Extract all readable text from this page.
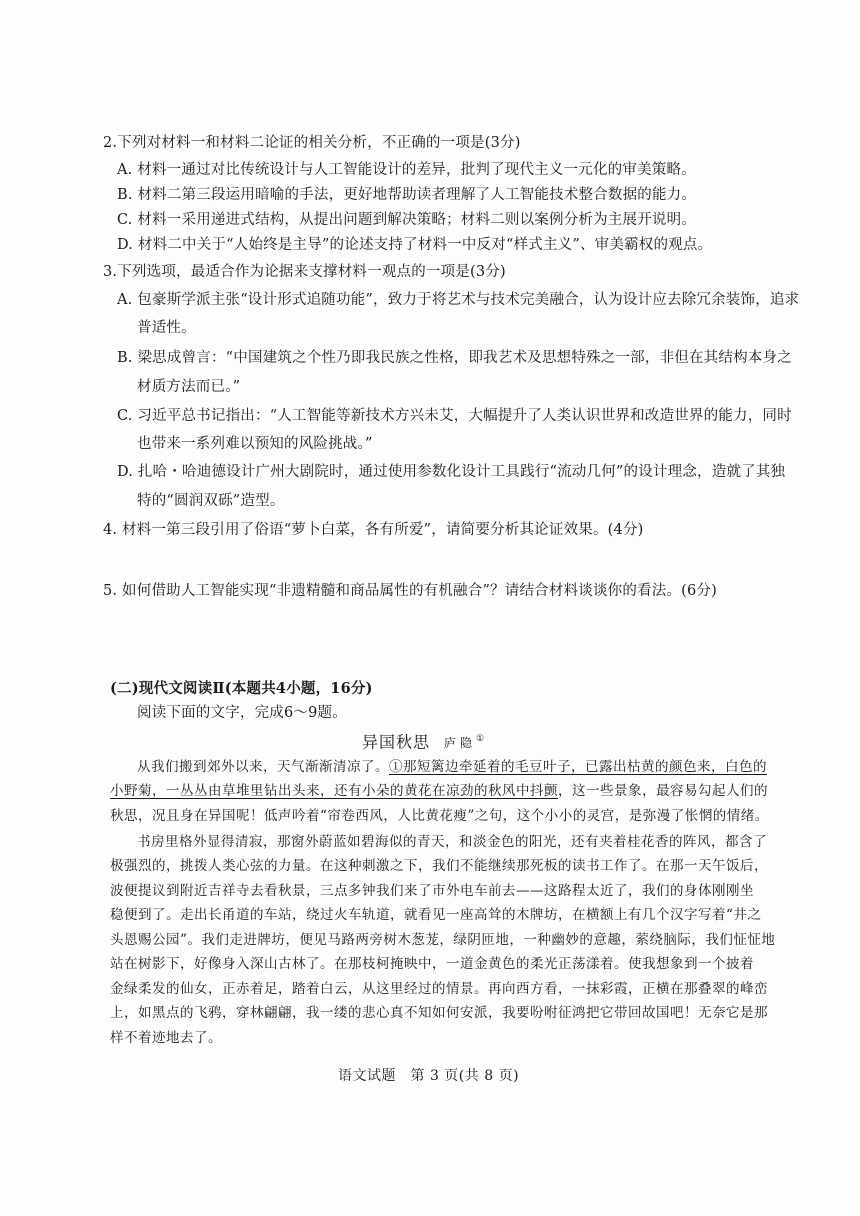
2.下列对材料一和材料二论证的相关分析，不正确的一项是(3分)
A. 材料一通过对比传统设计与人工智能设计的差异，批判了现代主义一元化的审美策略。
B. 材料二第三段运用暗喻的手法，更好地帮助读者理解了人工智能技术整合数据的能力。
C. 材料一采用递进式结构，从提出问题到解决策略；材料二则以案例分析为主展开说明。
D. 材料二中关于“人始终是主导”的论述支持了材料一中反对“样式主义”、审美霸权的观点。
3.下列选项，最适合作为论据来支撑材料一观点的一项是(3分)
A. 包豪斯学派主张“设计形式追随功能”，致力于将艺术与技术完美融合，认为设计应去除冗余装饰，追求
普适性。
B. 梁思成曾言：“中国建筑之个性乃即我民族之性格，即我艺术及思想特殊之一部，非但在其结构本身之
材质方法而已。”
C. 习近平总书记指出：“人工智能等新技术方兴未艾，大幅提升了人类认识世界和改造世界的能力，同时
也带来一系列难以预知的风险挑战。”
D. 扎哈・哈迪德设计广州大剧院时，通过使用参数化设计工具践行“流动几何”的设计理念，造就了其独
特的“圆润双砾”造型。
4. 材料一第三段引用了俗语“萝卜白菜，各有所爱”，请简要分析其论证效果。(4分)
5. 如何借助人工智能实现“非遗精髓和商品属性的有机融合”？请结合材料谈谈你的看法。(6分)
(二)现代文阅读Ⅱ(本题共4小题，16分)
阅读下面的文字，完成6～9题。
异国秋思 庐隐①
从我们搬到郊外以来，天气渐渐清凉了。①那短篱边牵延着的毛豆叶子，已露出枯黄的颜色来，白色的
小野菊，一丛丛由草堆里钻出头来，还有小朵的黄花在凉劲的秋风中抖颤，这一些景象，最容易勾起人们的
秋思，况且身在异国呢！低声吟着“帘卷西风，人比黄花瘦”之句，这个小小的灵宫，是弥漫了怅惘的情绪。
书房里格外显得清寂，那窗外蔚蓝如碧海似的青天，和淡金色的阳光，还有夹着桂花香的阵风，都含了
极强烈的，挑拨人类心弦的力量。在这种刺激之下，我们不能继续那死板的读书工作了。在那一天午饭后，
波便提议到附近吉祥寺去看秋景，三点多钟我们来了市外电车前去——这路程太近了，我们的身体刚刚坐
稳便到了。走出长甬道的车站，绕过火车轨道，就看见一座高耸的木牌坊，在横额上有几个汉字写着“井之
头恩赐公园”。我们走进牌坊，便见马路两旁树木葱茏，绿阴匝地，一种幽妙的意趣，萦绕脑际，我们怔怔地
站在树影下，好像身入深山古林了。在那枝柯掩映中，一道金黄色的柔光正荡漾着。使我想象到一个披着
金绿柔发的仙女，正赤着足，踏着白云，从这里经过的情景。再向西方看，一抹彩霞，正横在那叠翠的峰峦
上，如黑点的飞鸦，穿林翩翩，我一缕的悲心真不知如何安派，我要吩咐征鸿把它带回故国吧！无奈它是那
样不着迹地去了。
语文试题　第 3 页(共 8 页)
